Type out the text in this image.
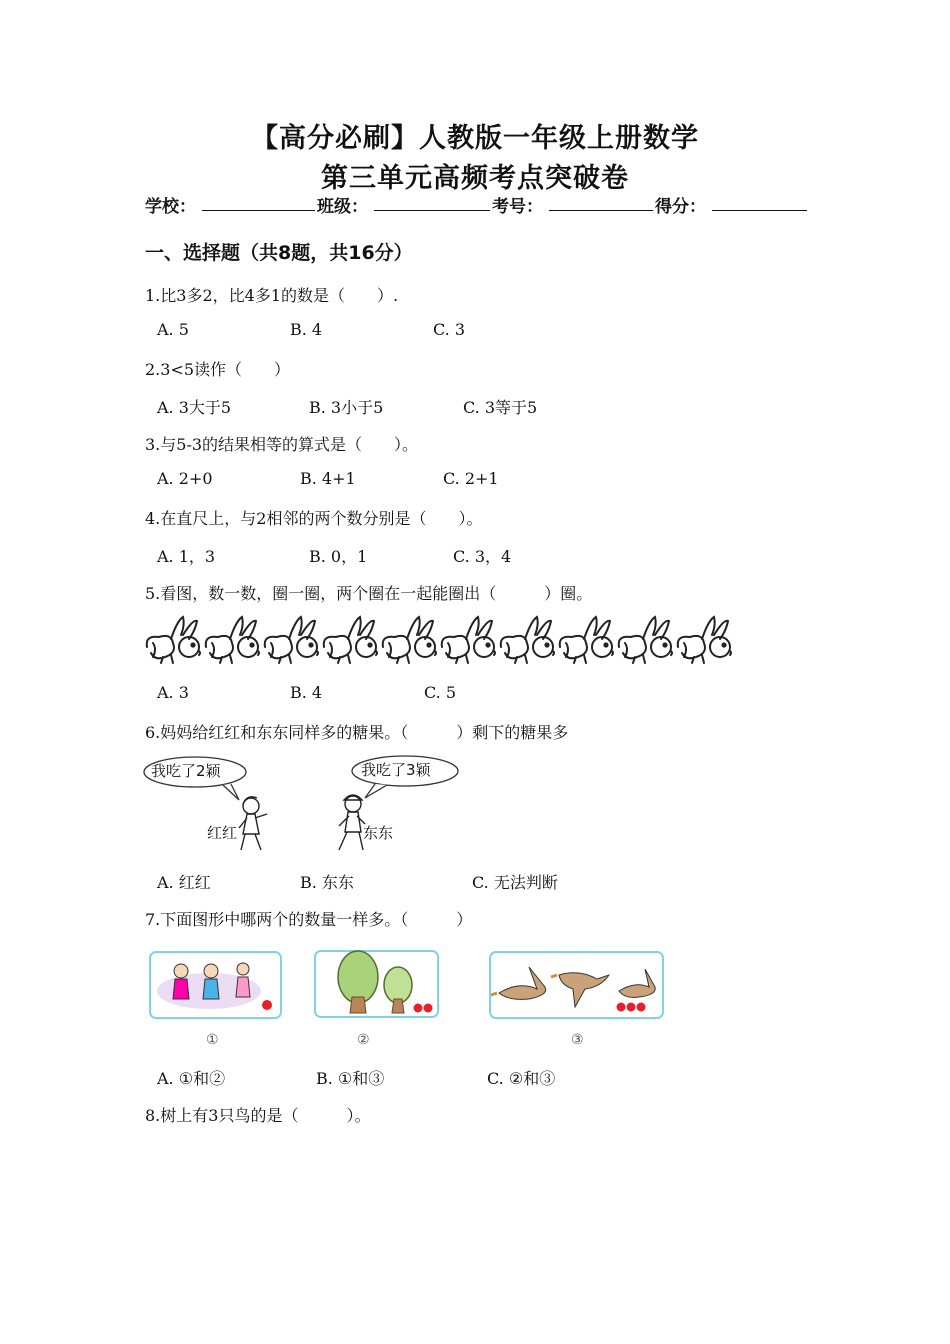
【高分必刷】人教版一年级上册数学
第三单元高频考点突破卷
学校：	班级：	考号：	得分：
一、选择题（共8题，共16分）
1.比3多2，比4多1的数是（　　）.
A. 5	B. 4	C. 3
2.3<5读作（　　）
A. 3大于5	B. 3小于5	C. 3等于5
3.与5-3的结果相等的算式是（　　）。
A. 2+0	B. 4+1	C. 2+1
4.在直尺上，与2相邻的两个数分别是（　　）。
A. 1，3	B. 0，1	C. 3，4
5.看图，数一数，圈一圈，两个圈在一起能圈出（　　　）圈。
A. 3	B. 4	C. 5
6.妈妈给红红和东东同样多的糖果。（　　　）剩下的糖果多
我吃了2颖	我吃了3颖
红红	东东
A. 红红	B. 东东	C. 无法判断
7.下面图形中哪两个的数量一样多。（　　　）
①	②	③
A. ①和②	B. ①和③	C. ②和③
8.树上有3只鸟的是（　　　）。
